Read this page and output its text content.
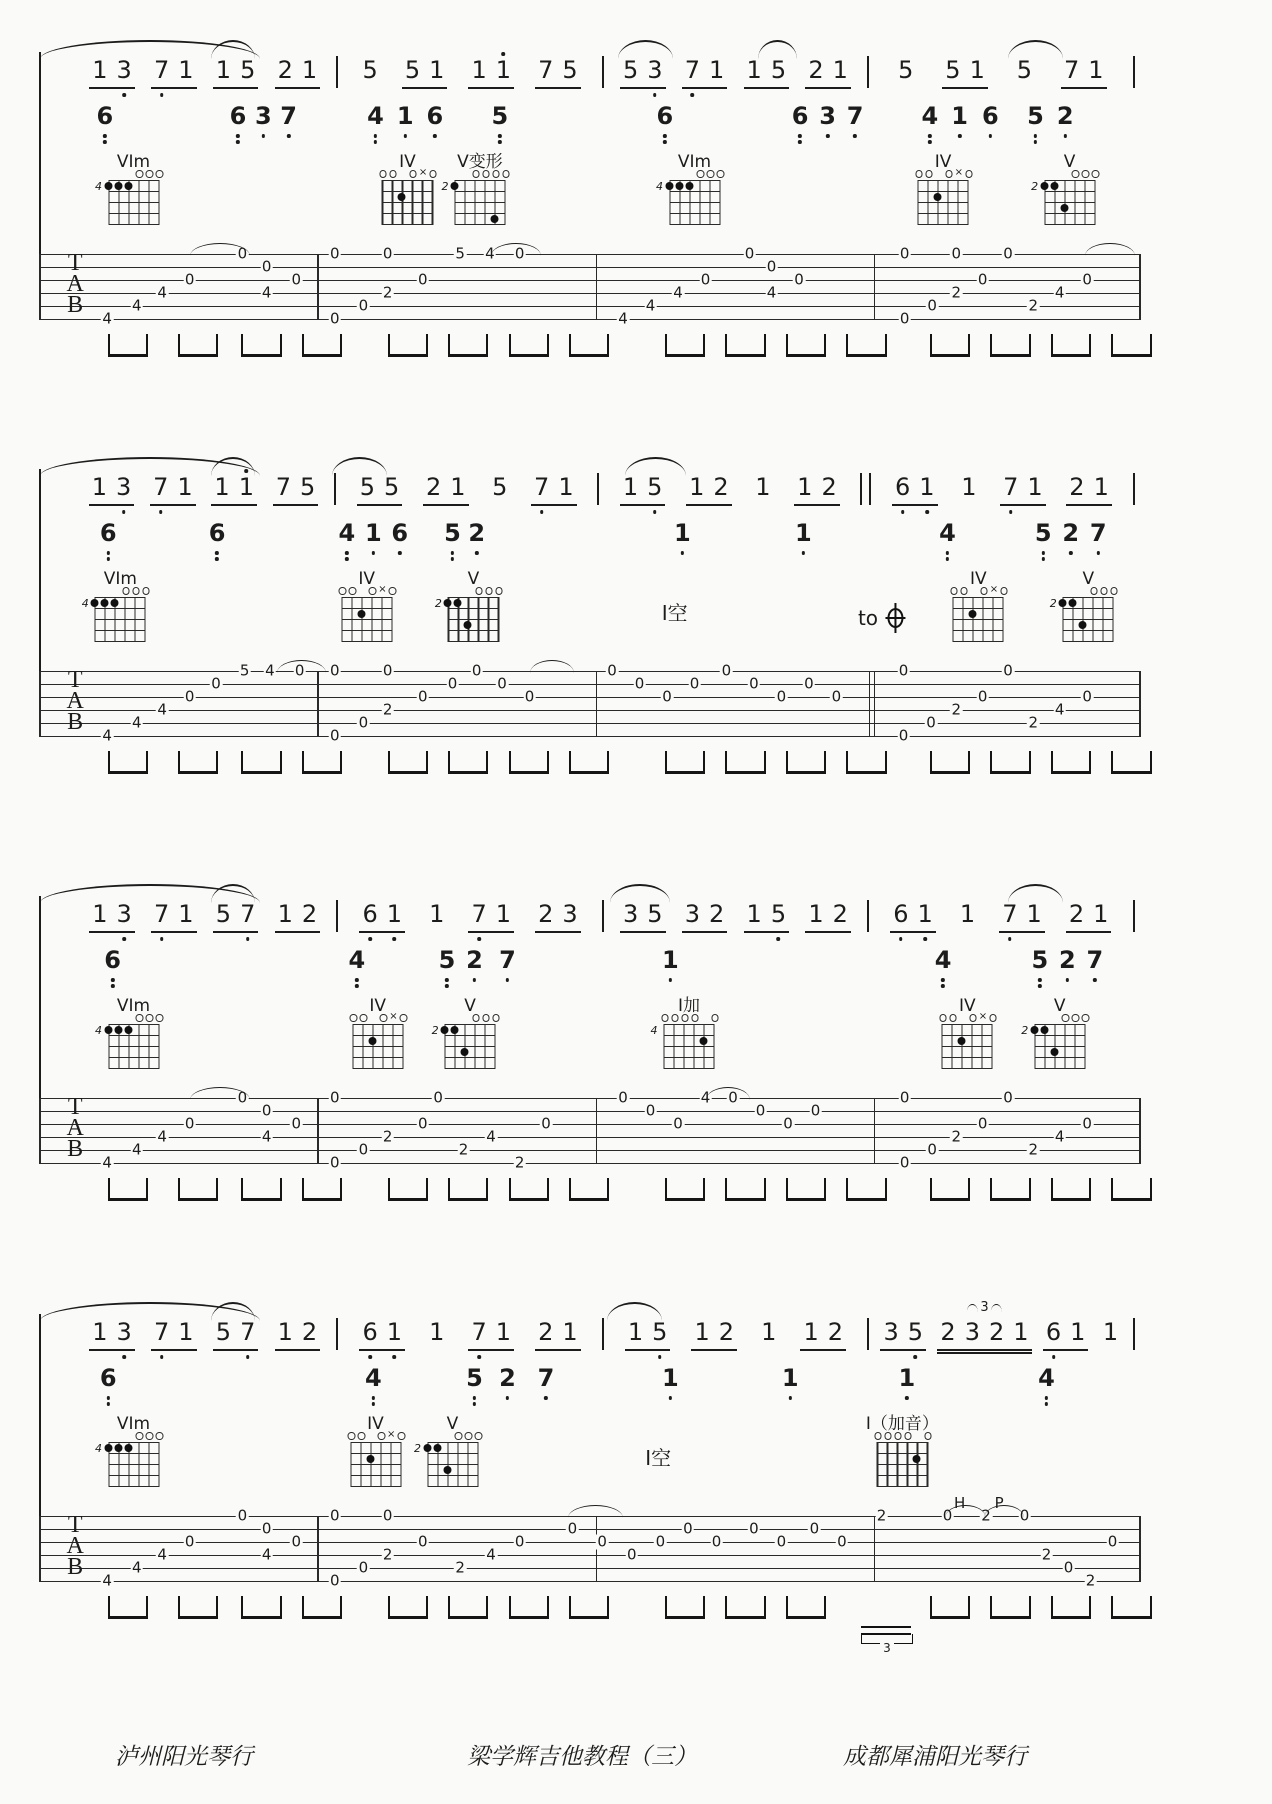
1 3 7 1 1 5 2 1 5 5 1 1 1 7 5 5 3 7 1 1 5 2 1 5 5 1 5 7 1
6	6 3 7	4 1 6 5	6	6 3 7 4 1 6 5 2
VIm
4
IV
×
V变形
2
VIm
4
IV
×
V
2
T
A
B
4
4
4
0
0
0
4
0
0
0
0
2
0
0
5 4 0
4
4
4
0
0
0
4
0
0
0
0
2
0
0
0
2
4
0
1 3 7 1 1 1 7 5 5 5 2 1 5 7 1 1 5 1 2 1 1 2 6 1 1 7 1 2 1
6	6	4 1 6 5 2	1	1	4	5 2 7
VIm
4
IV
×
V
2	I空	to
IV
×
V
2
T
A
B
4
4
4
0
0
5 4 0
0
0
0
2
0
0
0
0
0
0
0
0
0
0
0
0
0
0
0
0
0
0
2
0
0
2
4
0
1 3 7 1 5 7 1 2 6 1 1 7 1 2 3 3 5 3 2 1 5 1 2 6 1 1 7 1 2 1
6	4	5 2 7	1	4	5 2 7
VIm
4
IV
×
V
2
I加
4
IV
×
V
2
T
A
B
4
4
4
0
0
0
4
0
0
0
0
2
0
0
2
4
2
0
0
0
0
4 0
0
0
0
0
0
0
2
0
0
2
4
0
1 3 7 1 5 7 1 2 6 1 1 7 1 2 1 1 5 1 2 1 1 2 3 5
3
2 3 2 1 6 1 1
6	4	5 2 7	1	1	1	4
VIm
4
IV
×
V
2	I空
I（加音）
T
A
B
4
4
4
0
0
0
4
0
0
0
0
2
0
0
2
4
0
0
0
0
0
0
0
0
0
0
0
2	0 2 0
2
0
2
0
H P
3
泸州阳光琴行	梁学辉吉他教程（三）	成都犀浦阳光琴行
